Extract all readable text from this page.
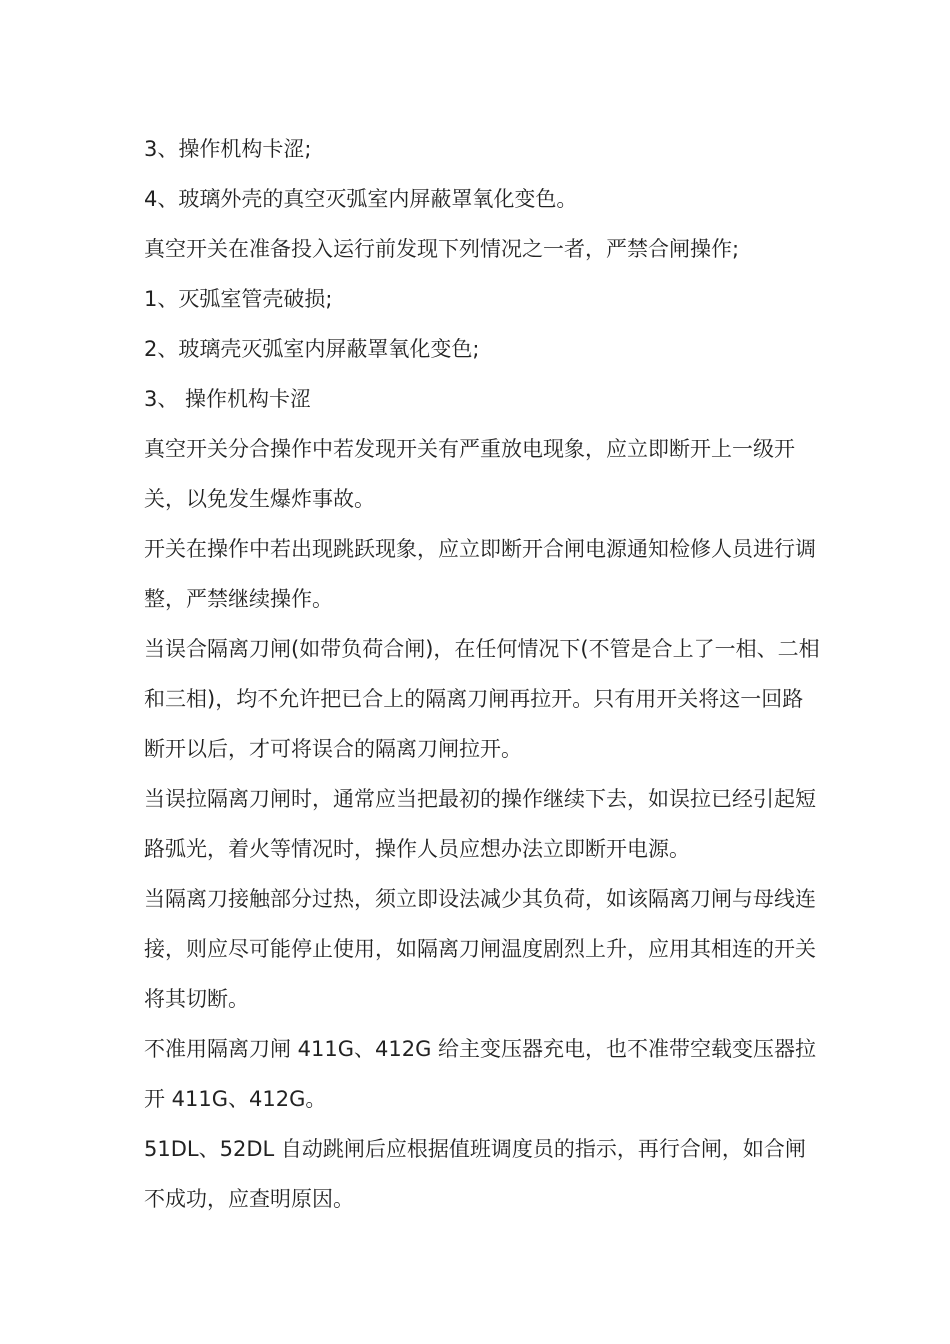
3、操作机构卡涩;

4、玻璃外壳的真空灭弧室内屏蔽罩氧化变色。

真空开关在准备投入运行前发现下列情况之一者，严禁合闸操作;

1、灭弧室管壳破损;

2、玻璃壳灭弧室内屏蔽罩氧化变色;

3、 操作机构卡涩

真空开关分合操作中若发现开关有严重放电现象，应立即断开上一级开关，以免发生爆炸事故。

开关在操作中若出现跳跃现象，应立即断开合闸电源通知检修人员进行调整，严禁继续操作。

当误合隔离刀闸(如带负荷合闸)，在任何情况下(不管是合上了一相、二相和三相)，均不允许把已合上的隔离刀闸再拉开。只有用开关将这一回路断开以后，才可将误合的隔离刀闸拉开。

当误拉隔离刀闸时，通常应当把最初的操作继续下去，如误拉已经引起短路弧光，着火等情况时，操作人员应想办法立即断开电源。

当隔离刀接触部分过热，须立即设法减少其负荷，如该隔离刀闸与母线连接，则应尽可能停止使用，如隔离刀闸温度剧烈上升，应用其相连的开关将其切断。

不准用隔离刀闸 411G、412G 给主变压器充电，也不准带空载变压器拉开 411G、412G。

51DL、52DL 自动跳闸后应根据值班调度员的指示，再行合闸，如合闸不成功，应查明原因。
